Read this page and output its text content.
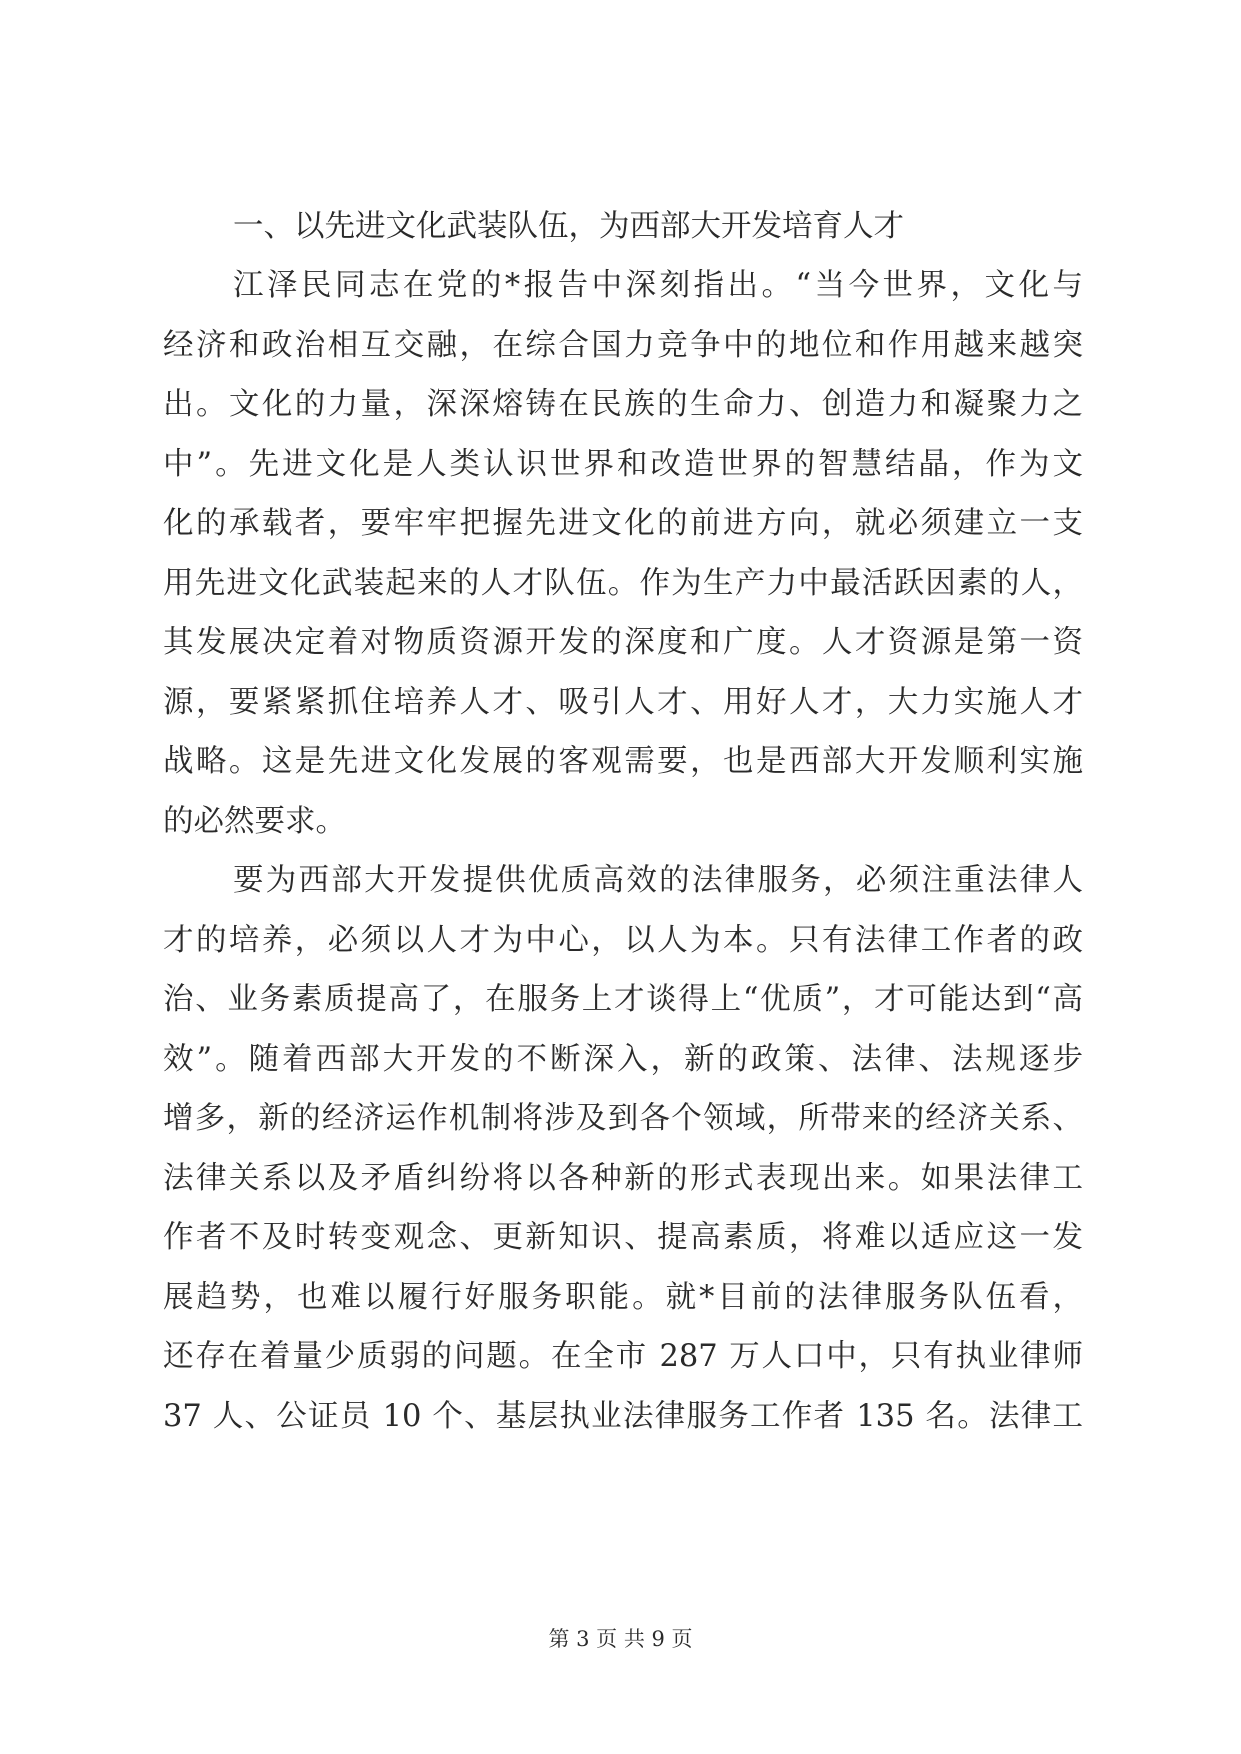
一、以先进文化武装队伍，为西部大开发培育人才
江泽民同志在党的*报告中深刻指出。“当今世界，文化与
经济和政治相互交融，在综合国力竞争中的地位和作用越来越突
出。文化的力量，深深熔铸在民族的生命力、创造力和凝聚力之
中”。先进文化是人类认识世界和改造世界的智慧结晶，作为文
化的承载者，要牢牢把握先进文化的前进方向，就必须建立一支
用先进文化武装起来的人才队伍。作为生产力中最活跃因素的人，
其发展决定着对物质资源开发的深度和广度。人才资源是第一资
源，要紧紧抓住培养人才、吸引人才、用好人才，大力实施人才
战略。这是先进文化发展的客观需要，也是西部大开发顺利实施
的必然要求。
要为西部大开发提供优质高效的法律服务，必须注重法律人
才的培养，必须以人才为中心，以人为本。只有法律工作者的政
治、业务素质提高了，在服务上才谈得上“优质”，才可能达到“高
效”。随着西部大开发的不断深入，新的政策、法律、法规逐步
增多，新的经济运作机制将涉及到各个领域，所带来的经济关系、
法律关系以及矛盾纠纷将以各种新的形式表现出来。如果法律工
作者不及时转变观念、更新知识、提高素质，将难以适应这一发
展趋势，也难以履行好服务职能。就*目前的法律服务队伍看，
还存在着量少质弱的问题。在全市 287 万人口中，只有执业律师
37 人、公证员 10 个、基层执业法律服务工作者 135 名。法律工
第 3 页 共 9 页
